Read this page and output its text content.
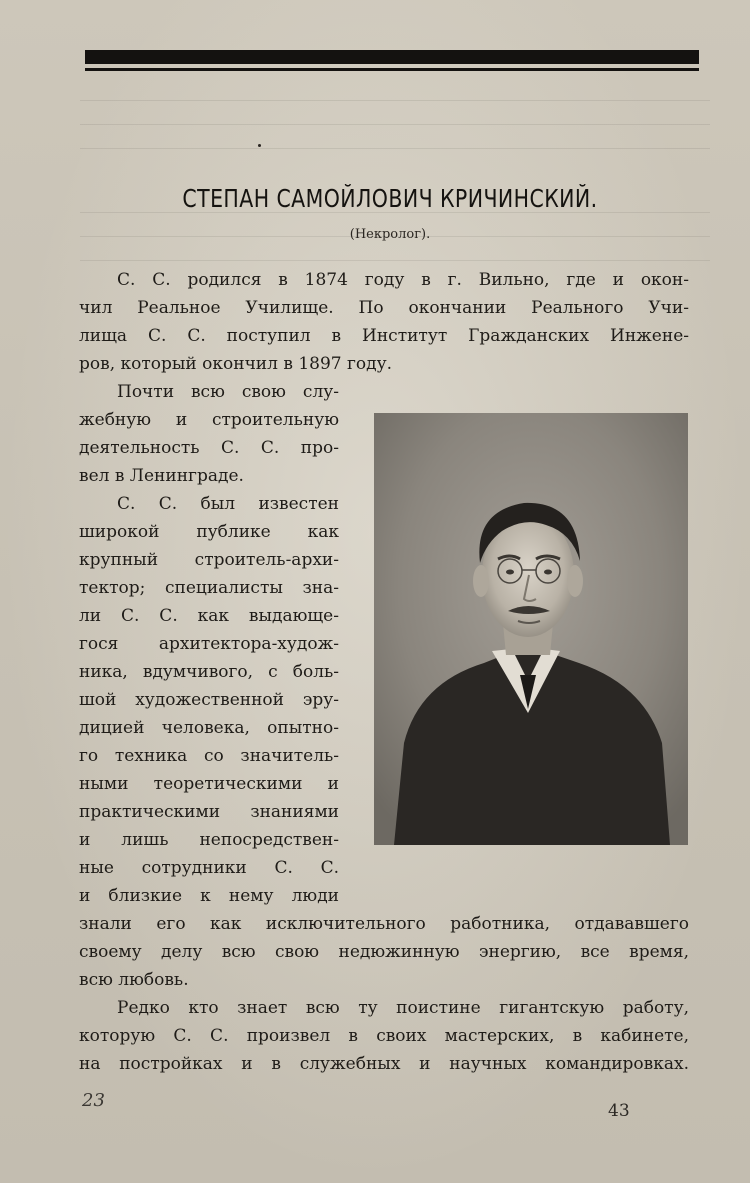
СТЕПАН САМОЙЛОВИЧ КРИЧИНСКИЙ.
(Некролог).
С. С. родился в 1874 году в г. Вильно, где и окон-
чил Реальное Училище. По окончании Реального Учи-
лища С. С. поступил в Институт Гражданских Инжене-
ров, который окончил в 1897 году.
Почти всю свою слу-
жебную и строительную
деятельность С. С. про-
вел в Ленинграде.
С. С. был известен
широкой публике как
крупный строитель-архи-
тектор; специалисты зна-
ли С. С. как выдающе-
гося архитектора-худож-
ника, вдумчивого, с боль-
шой художественной эру-
дицией человека, опытно-
го техника со значитель-
ными теоретическими и
практическими знаниями
и лишь непосредствен-
ные сотрудники С. С.
и близкие к нему люди
знали его как исключительного работника, отдававшего
своему делу всю свою недюжинную энергию, все время,
всю любовь.
Редко кто знает всю ту поистине гигантскую работу,
которую С. С. произвел в своих мастерских, в кабинете,
на постройках и в служебных и научных командировках.
23	43
